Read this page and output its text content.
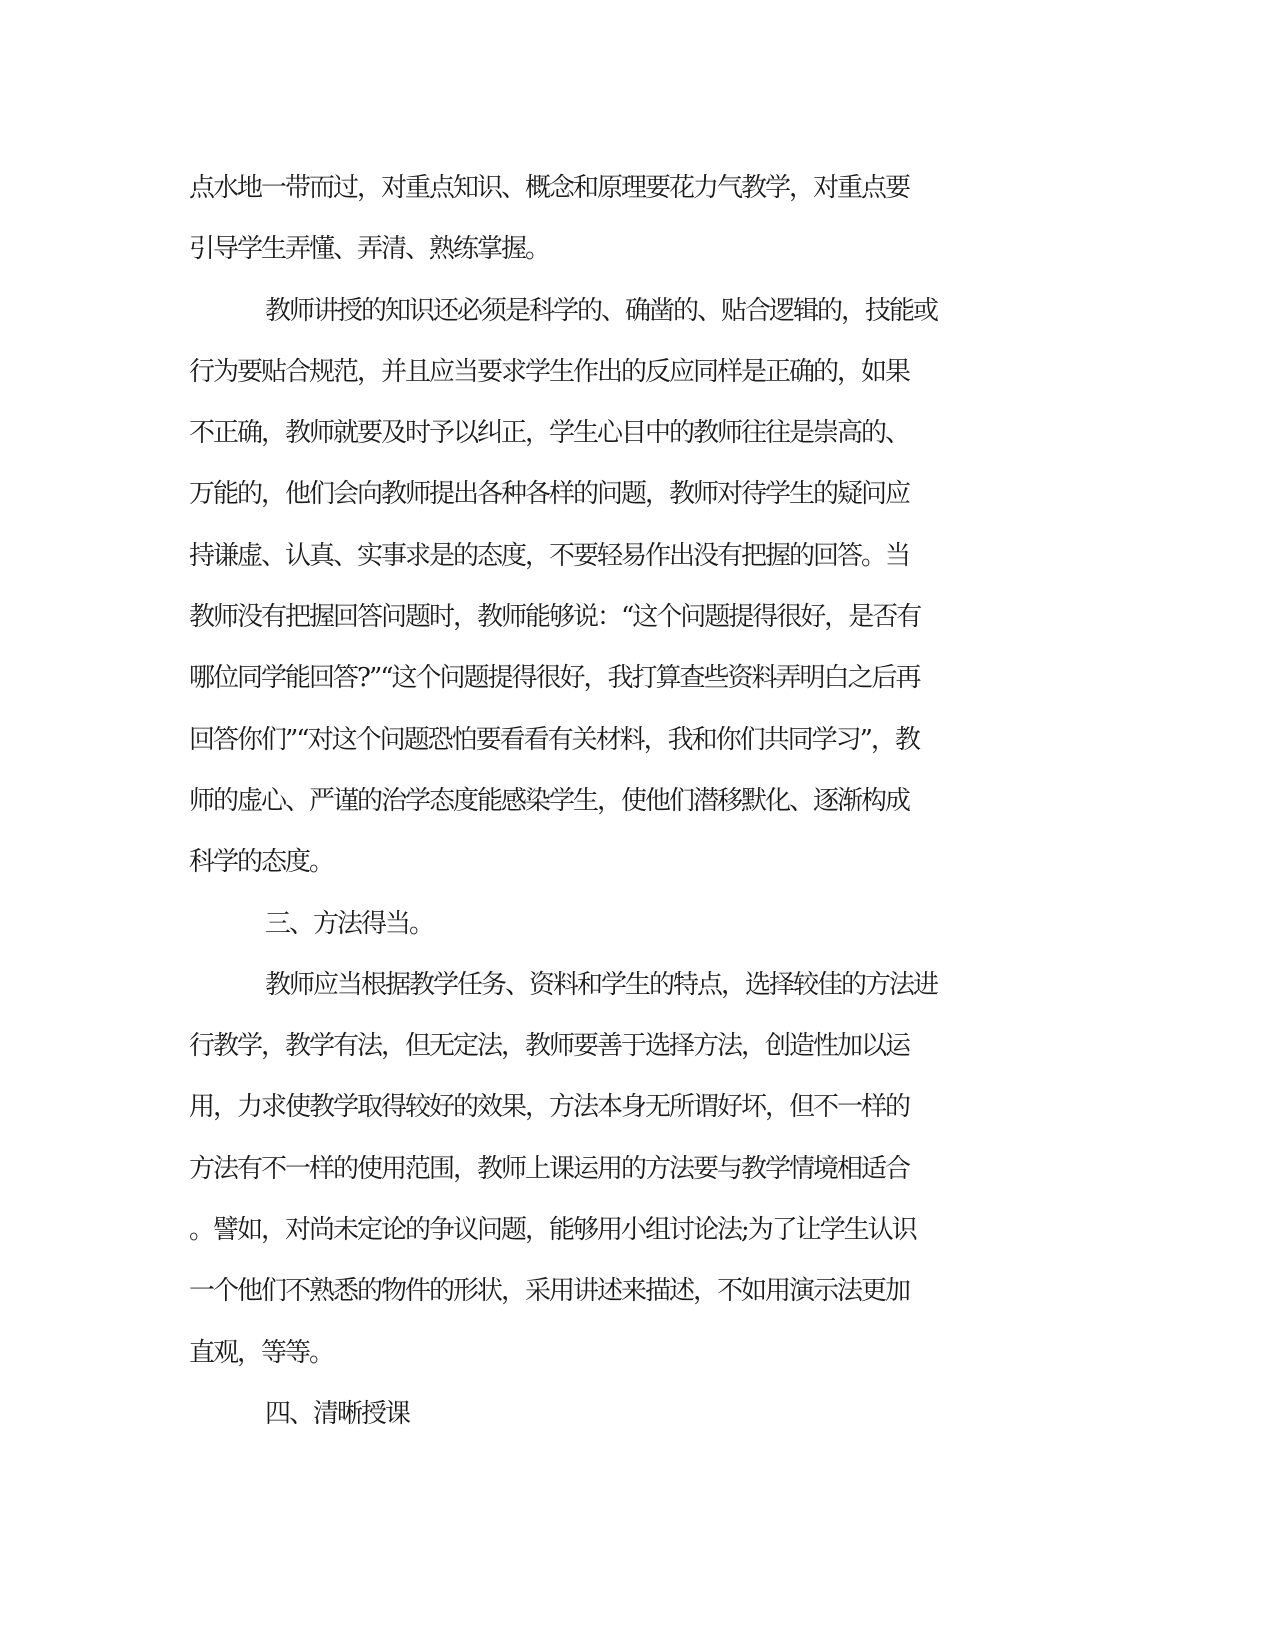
点水地一带而过，对重点知识、概念和原理要花力气教学，对重点要
引导学生弄懂、弄清、熟练掌握。
教师讲授的知识还必须是科学的、确凿的、贴合逻辑的，技能或
行为要贴合规范，并且应当要求学生作出的反应同样是正确的，如果
不正确，教师就要及时予以纠正，学生心目中的教师往往是崇高的、
万能的，他们会向教师提出各种各样的问题，教师对待学生的疑问应
持谦虚、认真、实事求是的态度，不要轻易作出没有把握的回答。当
教师没有把握回答问题时，教师能够说：“这个问题提得很好，是否有
哪位同学能回答?”“这个问题提得很好，我打算查些资料弄明白之后再
回答你们”“对这个问题恐怕要看看有关材料，我和你们共同学习”，教
师的虚心、严谨的治学态度能感染学生，使他们潜移默化、逐渐构成
科学的态度。
三、方法得当。
教师应当根据教学任务、资料和学生的特点，选择较佳的方法进
行教学，教学有法，但无定法，教师要善于选择方法，创造性加以运
用，力求使教学取得较好的效果，方法本身无所谓好坏，但不一样的
方法有不一样的使用范围，教师上课运用的方法要与教学情境相适合
。譬如，对尚未定论的争议问题，能够用小组讨论法;为了让学生认识
一个他们不熟悉的物件的形状，采用讲述来描述，不如用演示法更加
直观，等等。
四、清晰授课
